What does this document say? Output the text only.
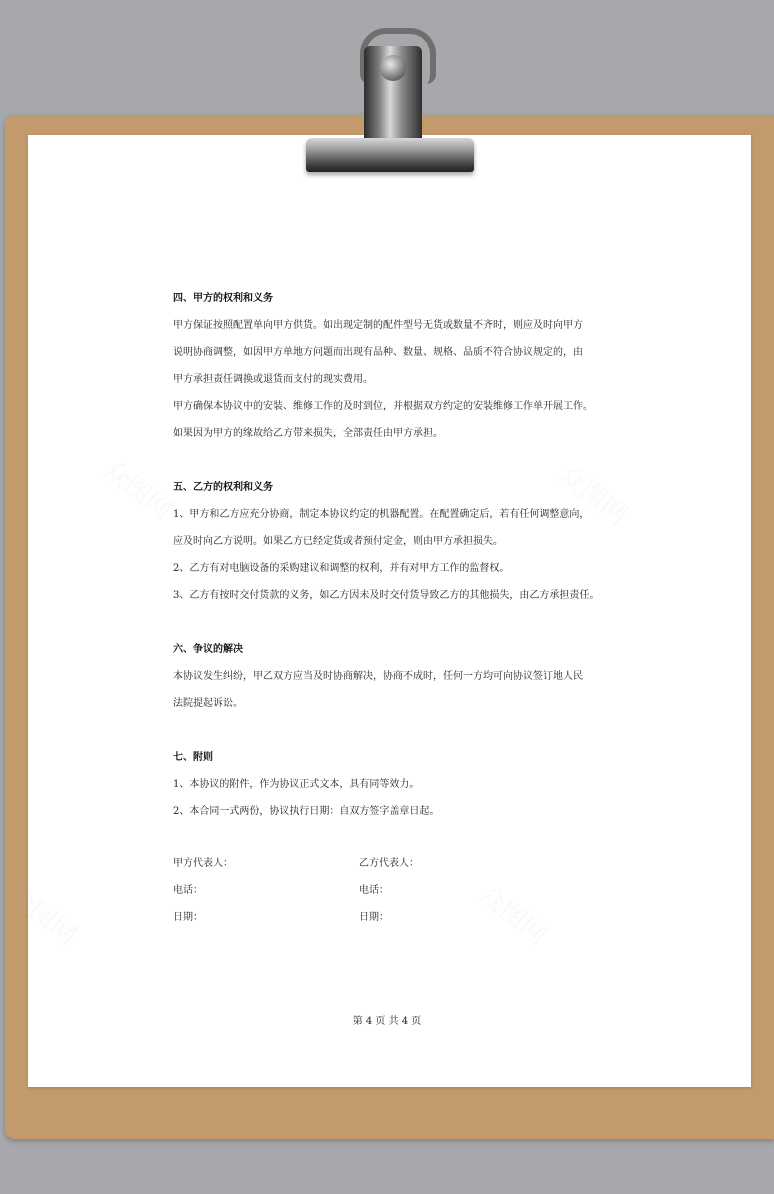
众图网	众图网
众图网	众图网
四、甲方的权利和义务
甲方保证按照配置单向甲方供货。如出现定制的配件型号无货或数量不齐时，则应及时向甲方
说明协商调整，如因甲方单地方问题而出现有品种、数量、规格、品质不符合协议规定的，由
甲方承担责任调换或退货而支付的现实费用。
甲方确保本协议中的安装、维修工作的及时到位，并根据双方约定的安装维修工作单开展工作。
如果因为甲方的缘故给乙方带来损失，全部责任由甲方承担。
五、乙方的权利和义务
1、甲方和乙方应充分协商，制定本协议约定的机器配置。在配置确定后，若有任何调整意向，
应及时向乙方说明。如果乙方已经定货或者预付定金，则由甲方承担损失。
2、乙方有对电脑设备的采购建议和调整的权利，并有对甲方工作的监督权。
3、乙方有按时交付货款的义务，如乙方因未及时交付货导致乙方的其他损失，由乙方承担责任。
六、争议的解决
本协议发生纠纷，甲乙双方应当及时协商解决，协商不成时，任何一方均可向协议签订地人民
法院提起诉讼。
七、附则
1、本协议的附件，作为协议正式文本，具有同等效力。
2、本合同一式两份，协议执行日期：自双方签字盖章日起。
甲方代表人：	乙方代表人：
电话：	电话：
日期：	日期：
第 4 页 共 4 页
